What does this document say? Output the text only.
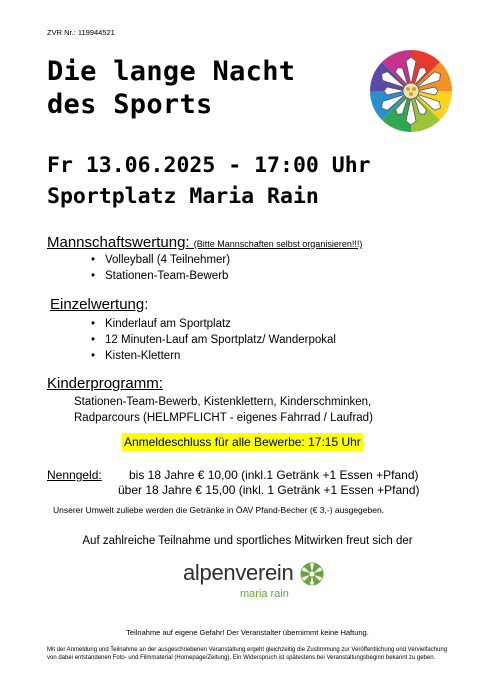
ZVR Nr.: 119944521
Die lange Nacht
des Sports
Fr 13.06.2025 - 17:00 Uhr
Sportplatz Maria Rain
Mannschaftswertung: (Bitte Mannschaften selbst organisieren!!!)
• Volleyball (4 Teilnehmer)
• Stationen-Team-Bewerb
Einzelwertung:
• Kinderlauf am Sportplatz
• 12 Minuten-Lauf am Sportplatz/ Wanderpokal
• Kisten-Klettern
Kinderprogramm:
Stationen-Team-Bewerb, Kistenklettern, Kinderschminken,
Radparcours (HELMPFLICHT - eigenes Fahrrad / Laufrad)
Anmeldeschluss für alle Bewerbe: 17:15 Uhr
Nenngeld: bis 18 Jahre € 10,00 (inkl.1 Getränk +1 Essen +Pfand)
über 18 Jahre € 15,00 (inkl. 1 Getränk +1 Essen +Pfand)
Unserer Umwelt zuliebe werden die Getränke in ÖAV Pfand-Becher (€ 3,-) ausgegeben.
Auf zahlreiche Teilnahme und sportliches Mitwirken freut sich der
alpenverein
maria rain
Teilnahme auf eigene Gefahr! Der Veranstalter übernimmt keine Haftung.
Mit der Anmeldung und Teilnahme an der ausgeschriebenen Veranstaltung ergeht gleichzeitig die Zustimmung zur Veröffentlichung und Vervielfachung von dabei entstandenen Foto- und Filmmaterial (Homepage/Zeitung). Ein Widerspruch ist spätestens bei Veranstaltungsbeginn bekannt zu geben.
